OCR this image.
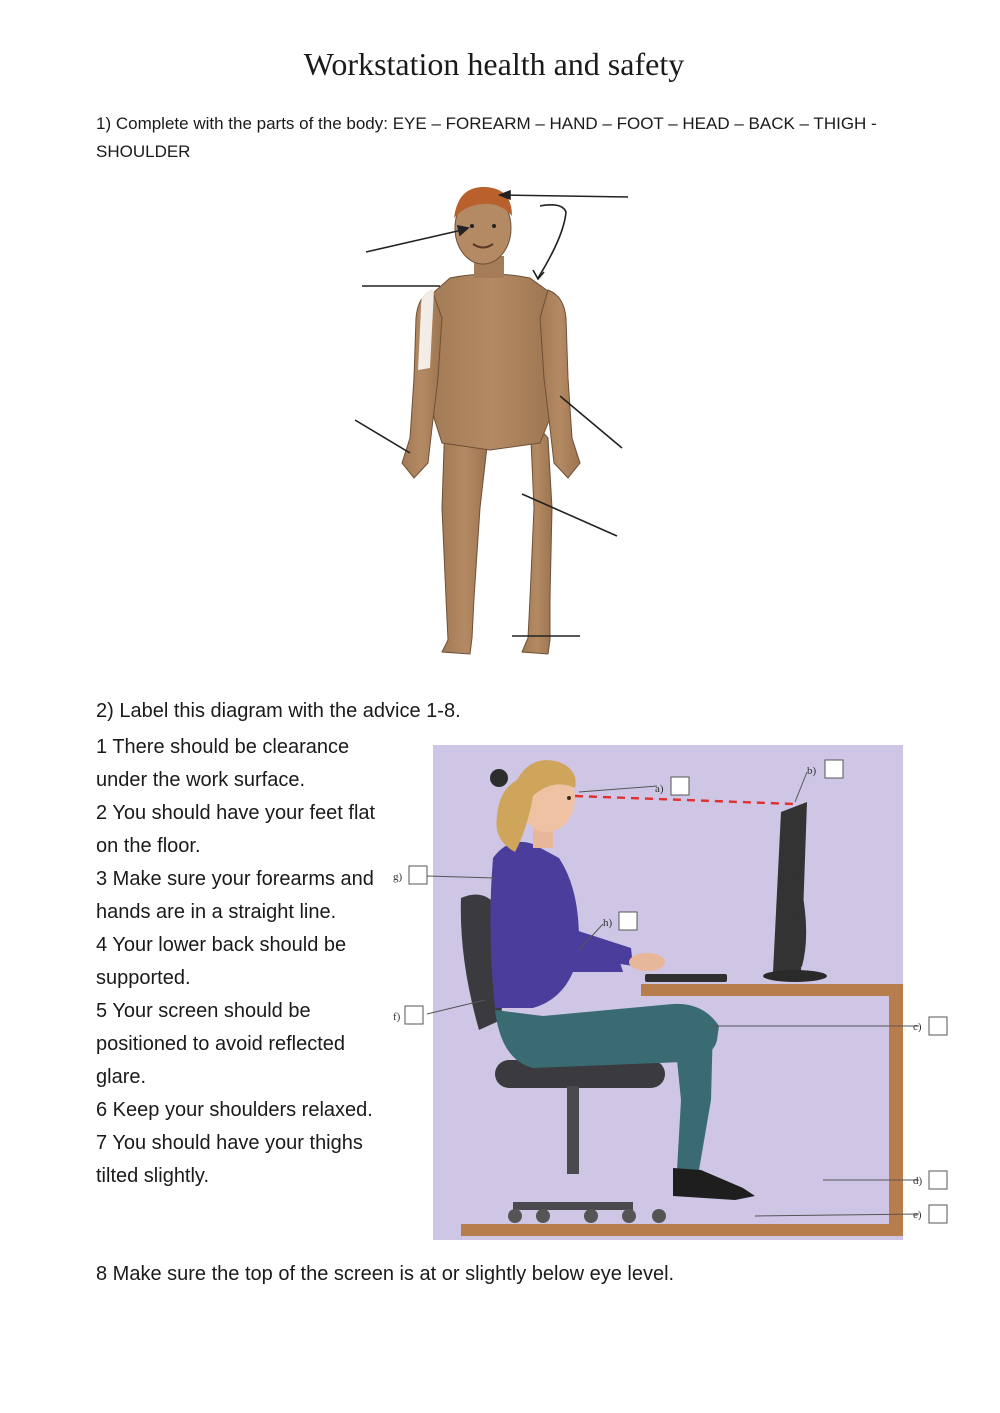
Workstation health and safety
1) Complete with the parts of the body: EYE – FOREARM – HAND – FOOT – HEAD – BACK – THIGH - SHOULDER
2) Label this diagram with the advice 1-8.

1 There should be clearance under the work surface.

2 You should have your feet flat on the floor.

3 Make sure your forearms and hands are in a straight line.

4 Your lower back should be supported.

5 Your screen should be positioned to avoid reflected glare.

6 Keep your shoulders relaxed.

7 You should have your thighs tilted slightly.

8 Make sure the top of the screen is at or slightly below eye level.
a)
b)
g)
h)
f)
c)
d)
e)
